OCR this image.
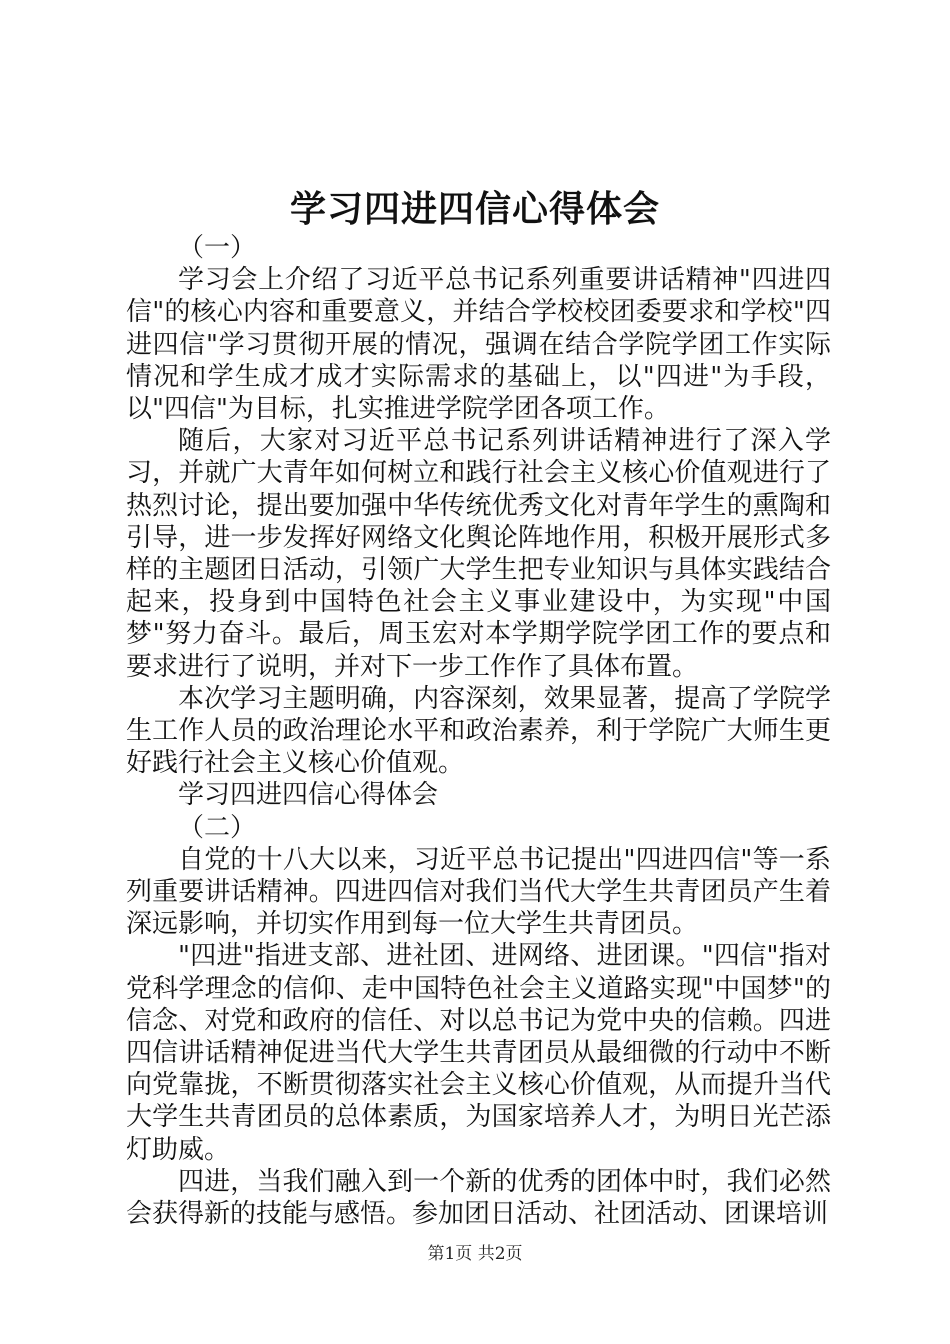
学习四进四信心得体会

（一）

学习会上介绍了习近平总书记系列重要讲话精神"四进四信"的核心内容和重要意义，并结合学校校团委要求和学校"四进四信"学习贯彻开展的情况，强调在结合学院学团工作实际情况和学生成才成才实际需求的基础上，以"四进"为手段，以"四信"为目标，扎实推进学院学团各项工作。

随后，大家对习近平总书记系列讲话精神进行了深入学习，并就广大青年如何树立和践行社会主义核心价值观进行了热烈讨论，提出要加强中华传统优秀文化对青年学生的熏陶和引导，进一步发挥好网络文化舆论阵地作用，积极开展形式多样的主题团日活动，引领广大学生把专业知识与具体实践结合起来，投身到中国特色社会主义事业建设中，为实现"中国梦"努力奋斗。最后，周玉宏对本学期学院学团工作的要点和要求进行了说明，并对下一步工作作了具体布置。

本次学习主题明确，内容深刻，效果显著，提高了学院学生工作人员的政治理论水平和政治素养，利于学院广大师生更好践行社会主义核心价值观。

学习四进四信心得体会

（二）

自党的十八大以来，习近平总书记提出"四进四信"等一系列重要讲话精神。四进四信对我们当代大学生共青团员产生着深远影响，并切实作用到每一位大学生共青团员。

"四进"指进支部、进社团、进网络、进团课。"四信"指对党科学理念的信仰、走中国特色社会主义道路实现"中国梦"的信念、对党和政府的信任、对以总书记为党中央的信赖。四进四信讲话精神促进当代大学生共青团员从最细微的行动中不断向党靠拢，不断贯彻落实社会主义核心价值观，从而提升当代大学生共青团员的总体素质，为国家培养人才，为明日光芒添灯助威。

四进，当我们融入到一个新的优秀的团体中时，我们必然会获得新的技能与感悟。参加团日活动、社团活动、团课培训

第1页 共2页
